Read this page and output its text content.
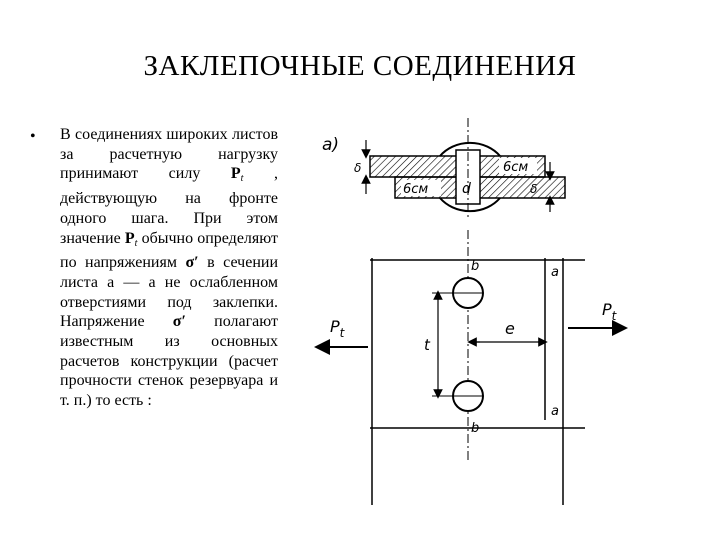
ЗАКЛЕПОЧНЫЕ СОЕДИНЕНИЯ
• В соединениях широких листов за расчетную нагрузку принимают силу $P_t$ , действующую на фронте одного шага. При этом значение $P_t$ обычно определяют по напряжениям σ′ в сечении листа а — а не ослабленном отверстиями под заклепки. Напряжение σ′ полагают известным из основных расчетов конструкции (расчет прочности стенок резервуара и т. п.) то есть :
а)
d
6см
6см
δ
δ
b
b
a
a
t
e
$P_t$
$P_t$
